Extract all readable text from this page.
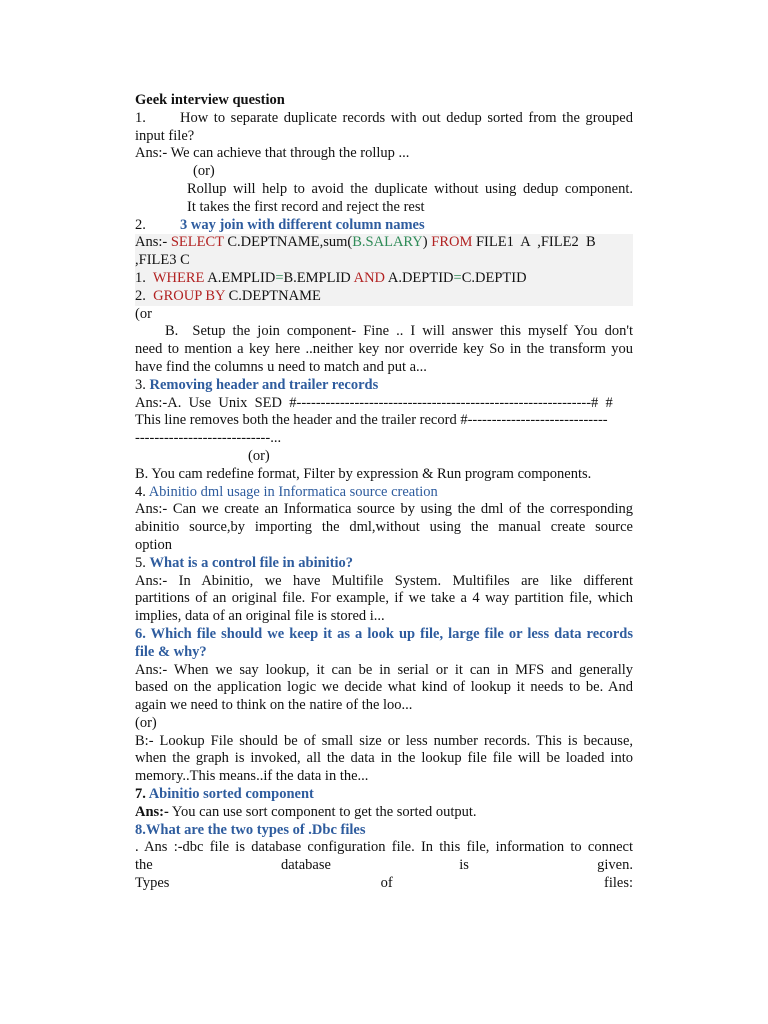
Geek interview question
1. How to separate duplicate records with out dedup sorted from the grouped
input file?
Ans:- We can achieve that through the rollup ...
(or)
Rollup will help to avoid the duplicate without using dedup component.
It takes the first record and reject the rest
2. 3 way join with different column names
Ans:- SELECT C.DEPTNAME,sum(B.SALARY) FROM FILE1  A  ,FILE2  B
,FILE3 C
1.  WHERE A.EMPLID=B.EMPLID AND A.DEPTID=C.DEPTID
2.  GROUP BY C.DEPTNAME
(or
B. Setup the join component- Fine .. I will answer this myself You don't
need to mention a key here ..neither key nor override key So in the transform you
have find the columns u need to match and put a...
3. Removing header and trailer records
Ans:-A.  Use  Unix  SED  #-------------------------------------------------------------#  #
This line removes both the header and the trailer record #-----------------------------
----------------------------...
(or)
B. You cam redefine format, Filter by expression & Run program components.
4. Abinitio dml usage in Informatica source creation
Ans:- Can we create an Informatica source by using the dml of the corresponding
abinitio source,by importing the dml,without using the manual create source
option
5. What is a control file in abinitio?
Ans:- In Abinitio, we have Multifile System. Multifiles are like different
partitions of an original file. For example, if we take a 4 way partition file, which
implies, data of an original file is stored i...
6. Which file should we keep it as a look up file, large file or less data records
file & why?
Ans:- When we say lookup, it can be in serial or it can in MFS and generally
based on the application logic we decide what kind of lookup it needs to be. And
again we need to think on the natire of the loo...
(or)
B:- Lookup File should be of small size or less number records. This is because,
when the graph is invoked, all the data in the lookup file file will be loaded into
memory..This means..if the data in the...
7. Abinitio sorted component
Ans:- You can use sort component to get the sorted output.
8.What are the two types of .Dbc files
. Ans :-dbc file is database configuration file. In this file, information to connect
the	database	is	given.
Types	of	files:
